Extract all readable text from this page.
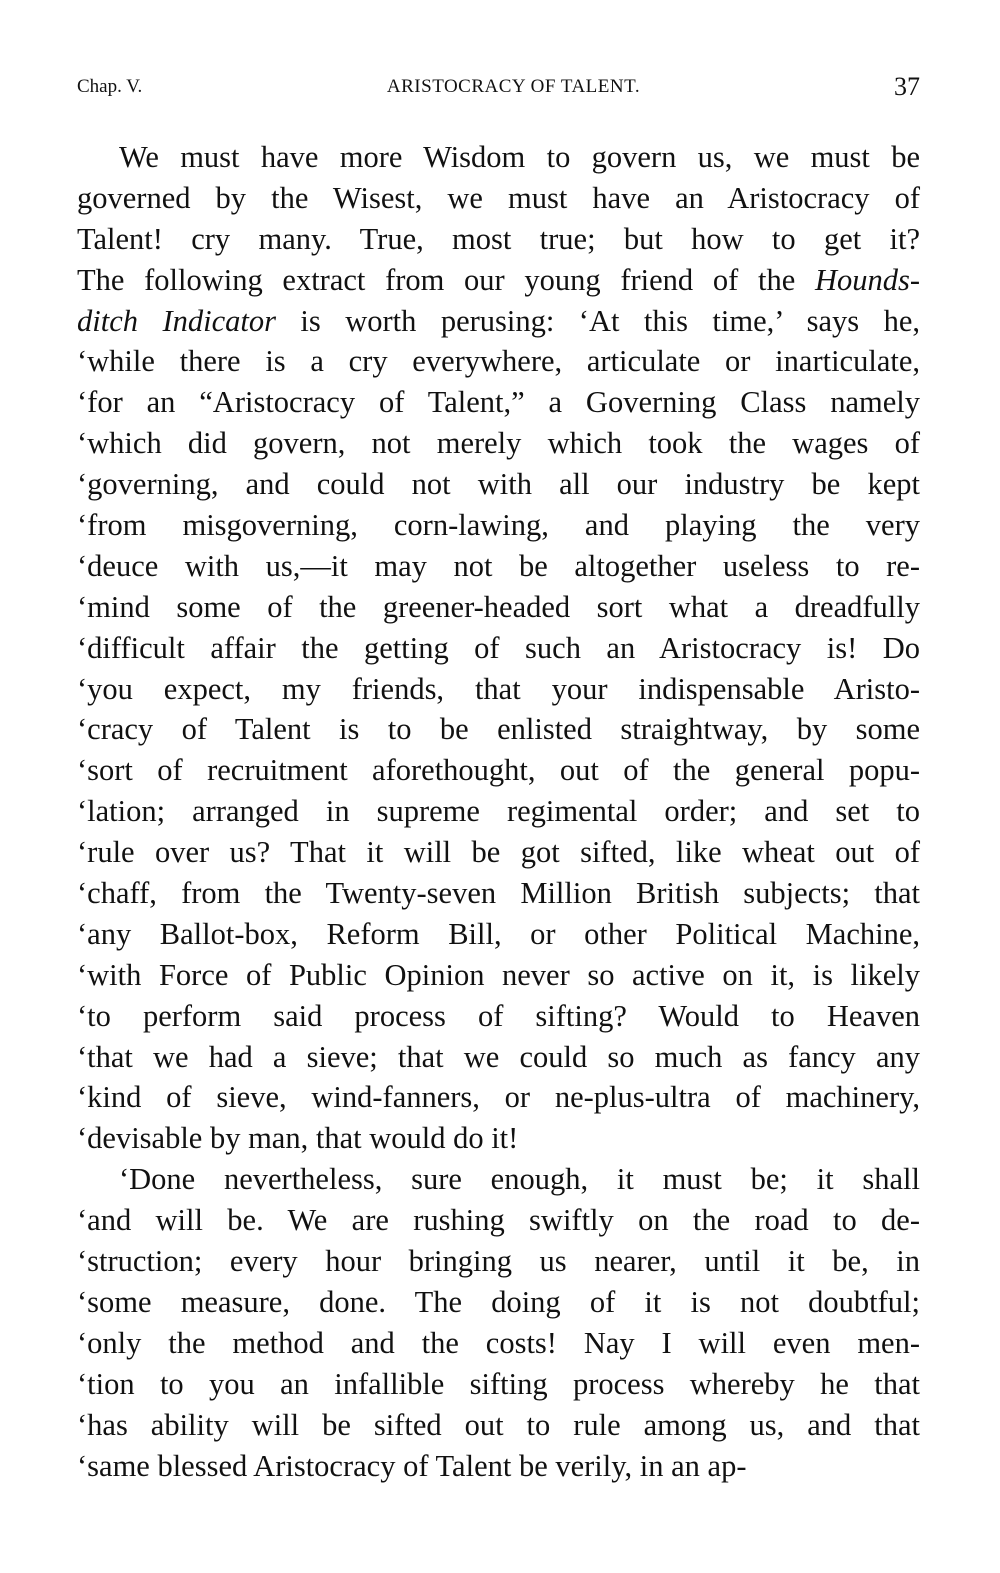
Chap. V.	ARISTOCRACY OF TALENT.	37
We must have more Wisdom to govern us, we must be
governed by the Wisest, we must have an Aristocracy of
Talent! cry many. True, most true; but how to get it?
The following extract from our young friend of the Hounds-
ditch Indicator is worth perusing: ‘At this time,’ says he,
‘while there is a cry everywhere, articulate or inarticulate,
‘for an “Aristocracy of Talent,” a Governing Class namely
‘which did govern, not merely which took the wages of
‘governing, and could not with all our industry be kept
‘from misgoverning, corn-lawing, and playing the very
‘deuce with us,—it may not be altogether useless to re-
‘mind some of the greener-headed sort what a dreadfully
‘difficult affair the getting of such an Aristocracy is! Do
‘you expect, my friends, that your indispensable Aristo-
‘cracy of Talent is to be enlisted straightway, by some
‘sort of recruitment aforethought, out of the general popu-
‘lation; arranged in supreme regimental order; and set to
‘rule over us? That it will be got sifted, like wheat out of
‘chaff, from the Twenty-seven Million British subjects; that
‘any Ballot-box, Reform Bill, or other Political Machine,
‘with Force of Public Opinion never so active on it, is likely
‘to perform said process of sifting? Would to Heaven
‘that we had a sieve; that we could so much as fancy any
‘kind of sieve, wind-fanners, or ne-plus-ultra of machinery,
‘devisable by man, that would do it!
‘Done nevertheless, sure enough, it must be; it shall
‘and will be. We are rushing swiftly on the road to de-
‘struction; every hour bringing us nearer, until it be, in
‘some measure, done. The doing of it is not doubtful;
‘only the method and the costs! Nay I will even men-
‘tion to you an infallible sifting process whereby he that
‘has ability will be sifted out to rule among us, and that
‘same blessed Aristocracy of Talent be verily, in an ap-
